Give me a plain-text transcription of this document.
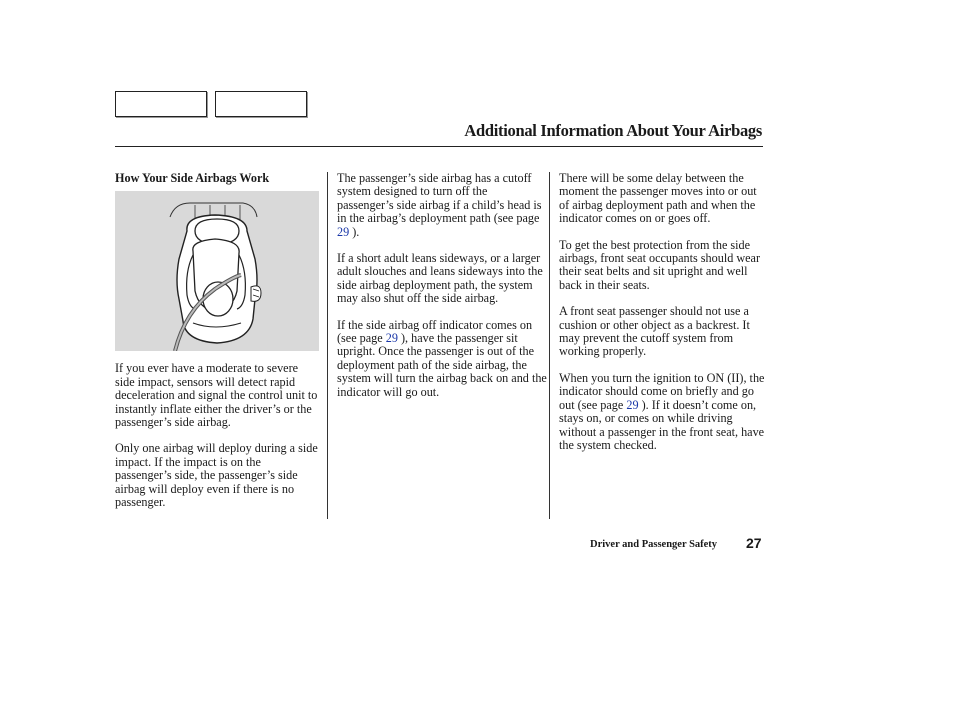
Additional Information About Your Airbags

How Your Side Airbags Work

If you ever have a moderate to severe side impact, sensors will detect rapid deceleration and signal the control unit to instantly inflate either the driver’s or the passenger’s side airbag.

Only one airbag will deploy during a side impact. If the impact is on the passenger’s side, the passenger’s side airbag will deploy even if there is no passenger.

The passenger’s side airbag has a cutoff system designed to turn off the passenger’s side airbag if a child’s head is in the airbag’s deployment path (see page 29 ).

If a short adult leans sideways, or a larger adult slouches and leans sideways into the side airbag deployment path, the system may also shut off the side airbag.

If the side airbag off indicator comes on (see page 29 ), have the passenger sit upright. Once the passenger is out of the deployment path of the side airbag, the system will turn the airbag back on and the indicator will go out.

There will be some delay between the moment the passenger moves into or out of airbag deployment path and when the indicator comes on or goes off.

To get the best protection from the side airbags, front seat occupants should wear their seat belts and sit upright and well back in their seats.

A front seat passenger should not use a cushion or other object as a backrest. It may prevent the cutoff system from working properly.

When you turn the ignition to ON (II), the indicator should come on briefly and go out (see page 29 ). If it doesn’t come on, stays on, or comes on while driving without a passenger in the front seat, have the system checked.

Driver and Passenger Safety 27
